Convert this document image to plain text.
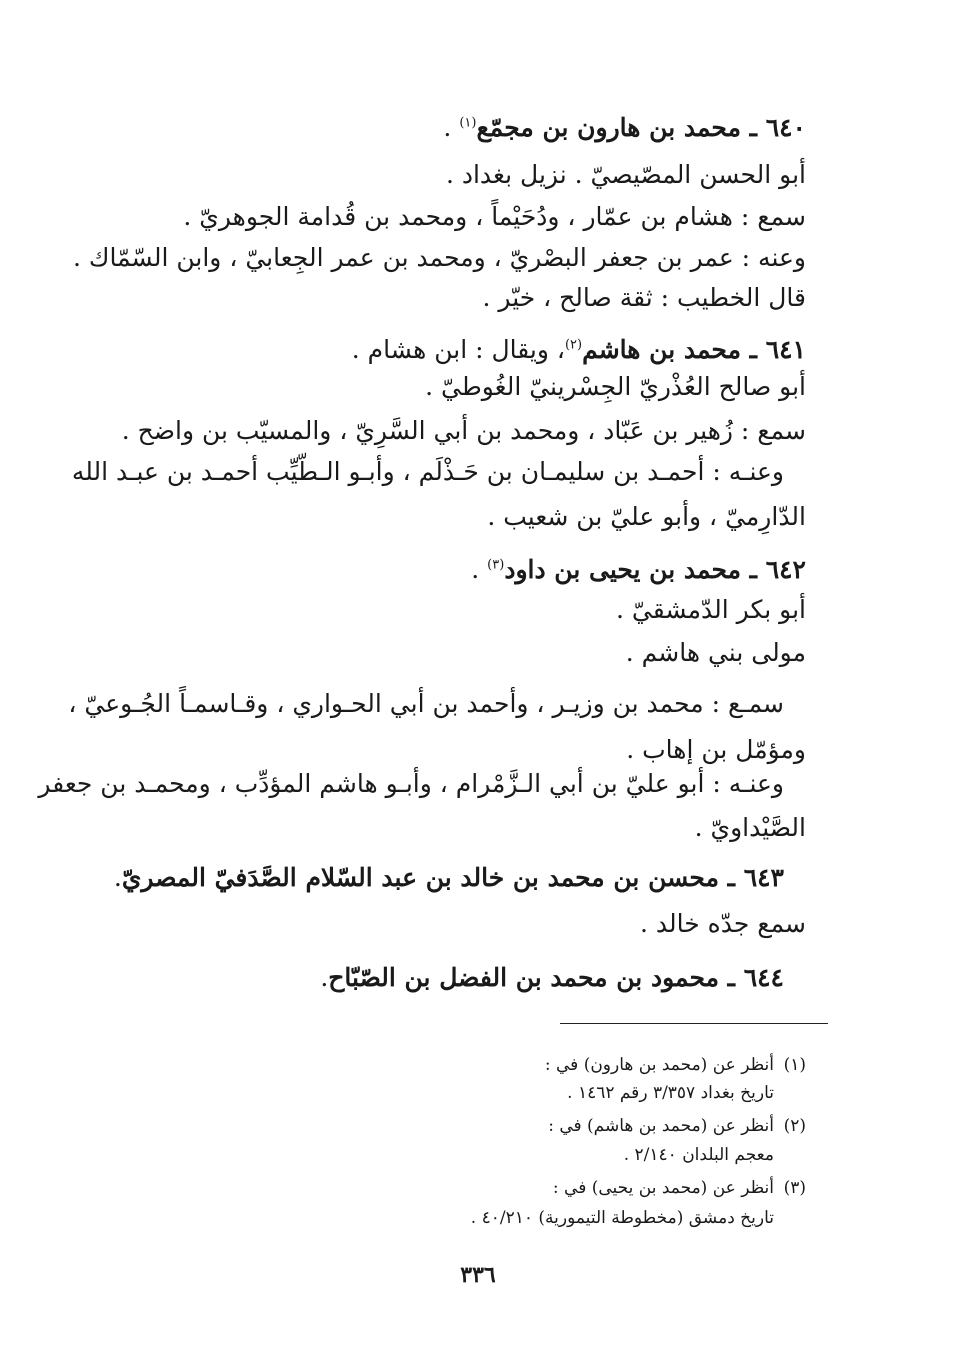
٦٤٠ ـ محمد بن هارون بن مجمّع$^{(١)}$ .
أبو الحسن المصّيصيّ . نزيل بغداد .
سمع : هشام بن عمّار ، ودُحَيْماً ، ومحمد بن قُدامة الجوهريّ .
وعنه : عمر بن جعفر البصْريّ ، ومحمد بن عمر الجِعابيّ ، وابن السّمّاك .
قال الخطيب : ثقة صالح ، خيّر .
٦٤١ ـ محمد بن هاشم$^{(٢)}$، ويقال : ابن هشام .
أبو صالح العُذْريّ الجِسْرينيّ الغُوطيّ .
سمع : زُهير بن عَبّاد ، ومحمد بن أبي السَّرِيّ ، والمسيّب بن واضح .
وعنـه : أحمـد بن سليمـان بن حَـذْلَم ، وأبـو الـطّيِّب أحمـد بن عبـد الله
الدّارِميّ ، وأبو عليّ بن شعيب .
٦٤٢ ـ محمد بن يحيى بن داود$^{(٣)}$ .
أبو بكر الدّمشقيّ .
مولى بني هاشم .
سمـع : محمد بن وزيـر ، وأحمد بن أبي الحـواري ، وقـاسمـاً الجُـوعيّ ،
ومؤمّل بن إهاب .
وعنـه : أبو عليّ بن أبي الـزَّمْرام ، وأبـو هاشم المؤدِّب ، ومحمـد بن جعفر
الصَّيْداويّ .
٦٤٣ ـ محسن بن محمد بن خالد بن عبد السّلام الصَّدَفيّ المصريّ.
سمع جدّه خالد .
٦٤٤ ـ محمود بن محمد بن الفضل بن الصّبّاح.
(١)أنظر عن (محمد بن هارون) في :
تاريخ بغداد ٣/٣٥٧ رقم ١٤٦٢ .
(٢)أنظر عن (محمد بن هاشم) في :
معجم البلدان ٢/١٤٠ .
(٣)أنظر عن (محمد بن يحيى) في :
تاريخ دمشق (مخطوطة التيمورية) ٤٠/٢١٠ .
٣٣٦
